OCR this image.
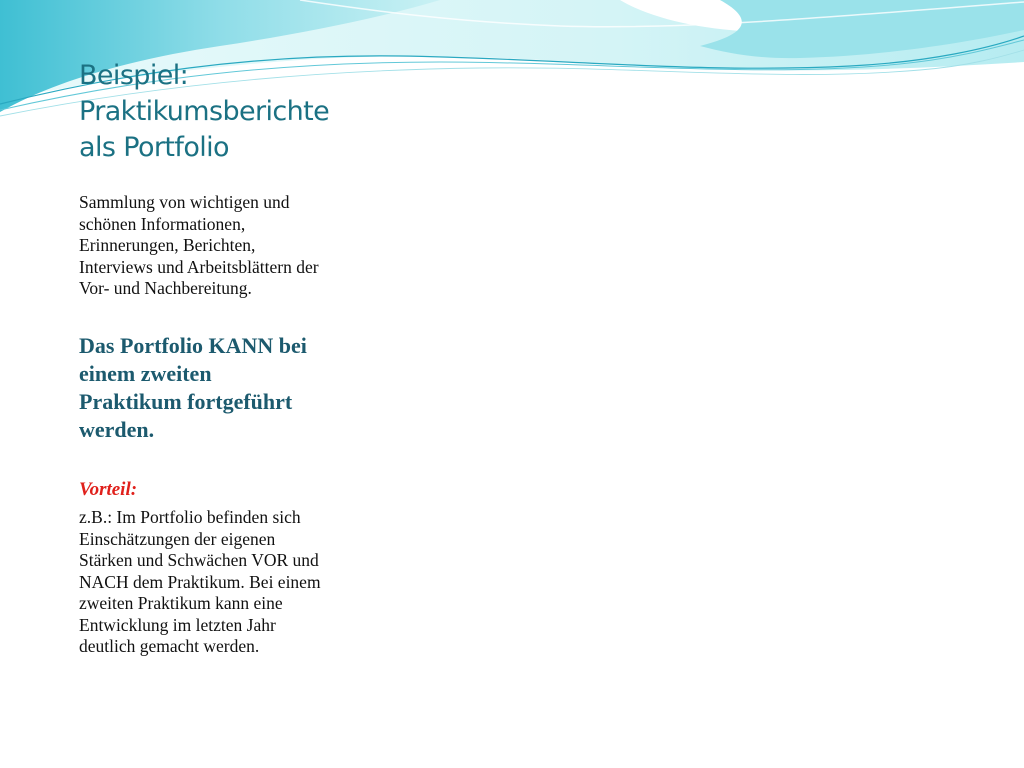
Beispiel:
Praktikumsberichte
als Portfolio

Sammlung von wichtigen und
schönen Informationen,
Erinnerungen, Berichten,
Interviews und Arbeitsblättern der
Vor- und Nachbereitung.

Das Portfolio KANN bei
einem zweiten
Praktikum fortgeführt
werden.

Vorteil:

z.B.: Im Portfolio befinden sich
Einschätzungen der eigenen
Stärken und Schwächen VOR und
NACH dem Praktikum. Bei einem
zweiten Praktikum kann eine
Entwicklung im letzten Jahr
deutlich gemacht werden.
